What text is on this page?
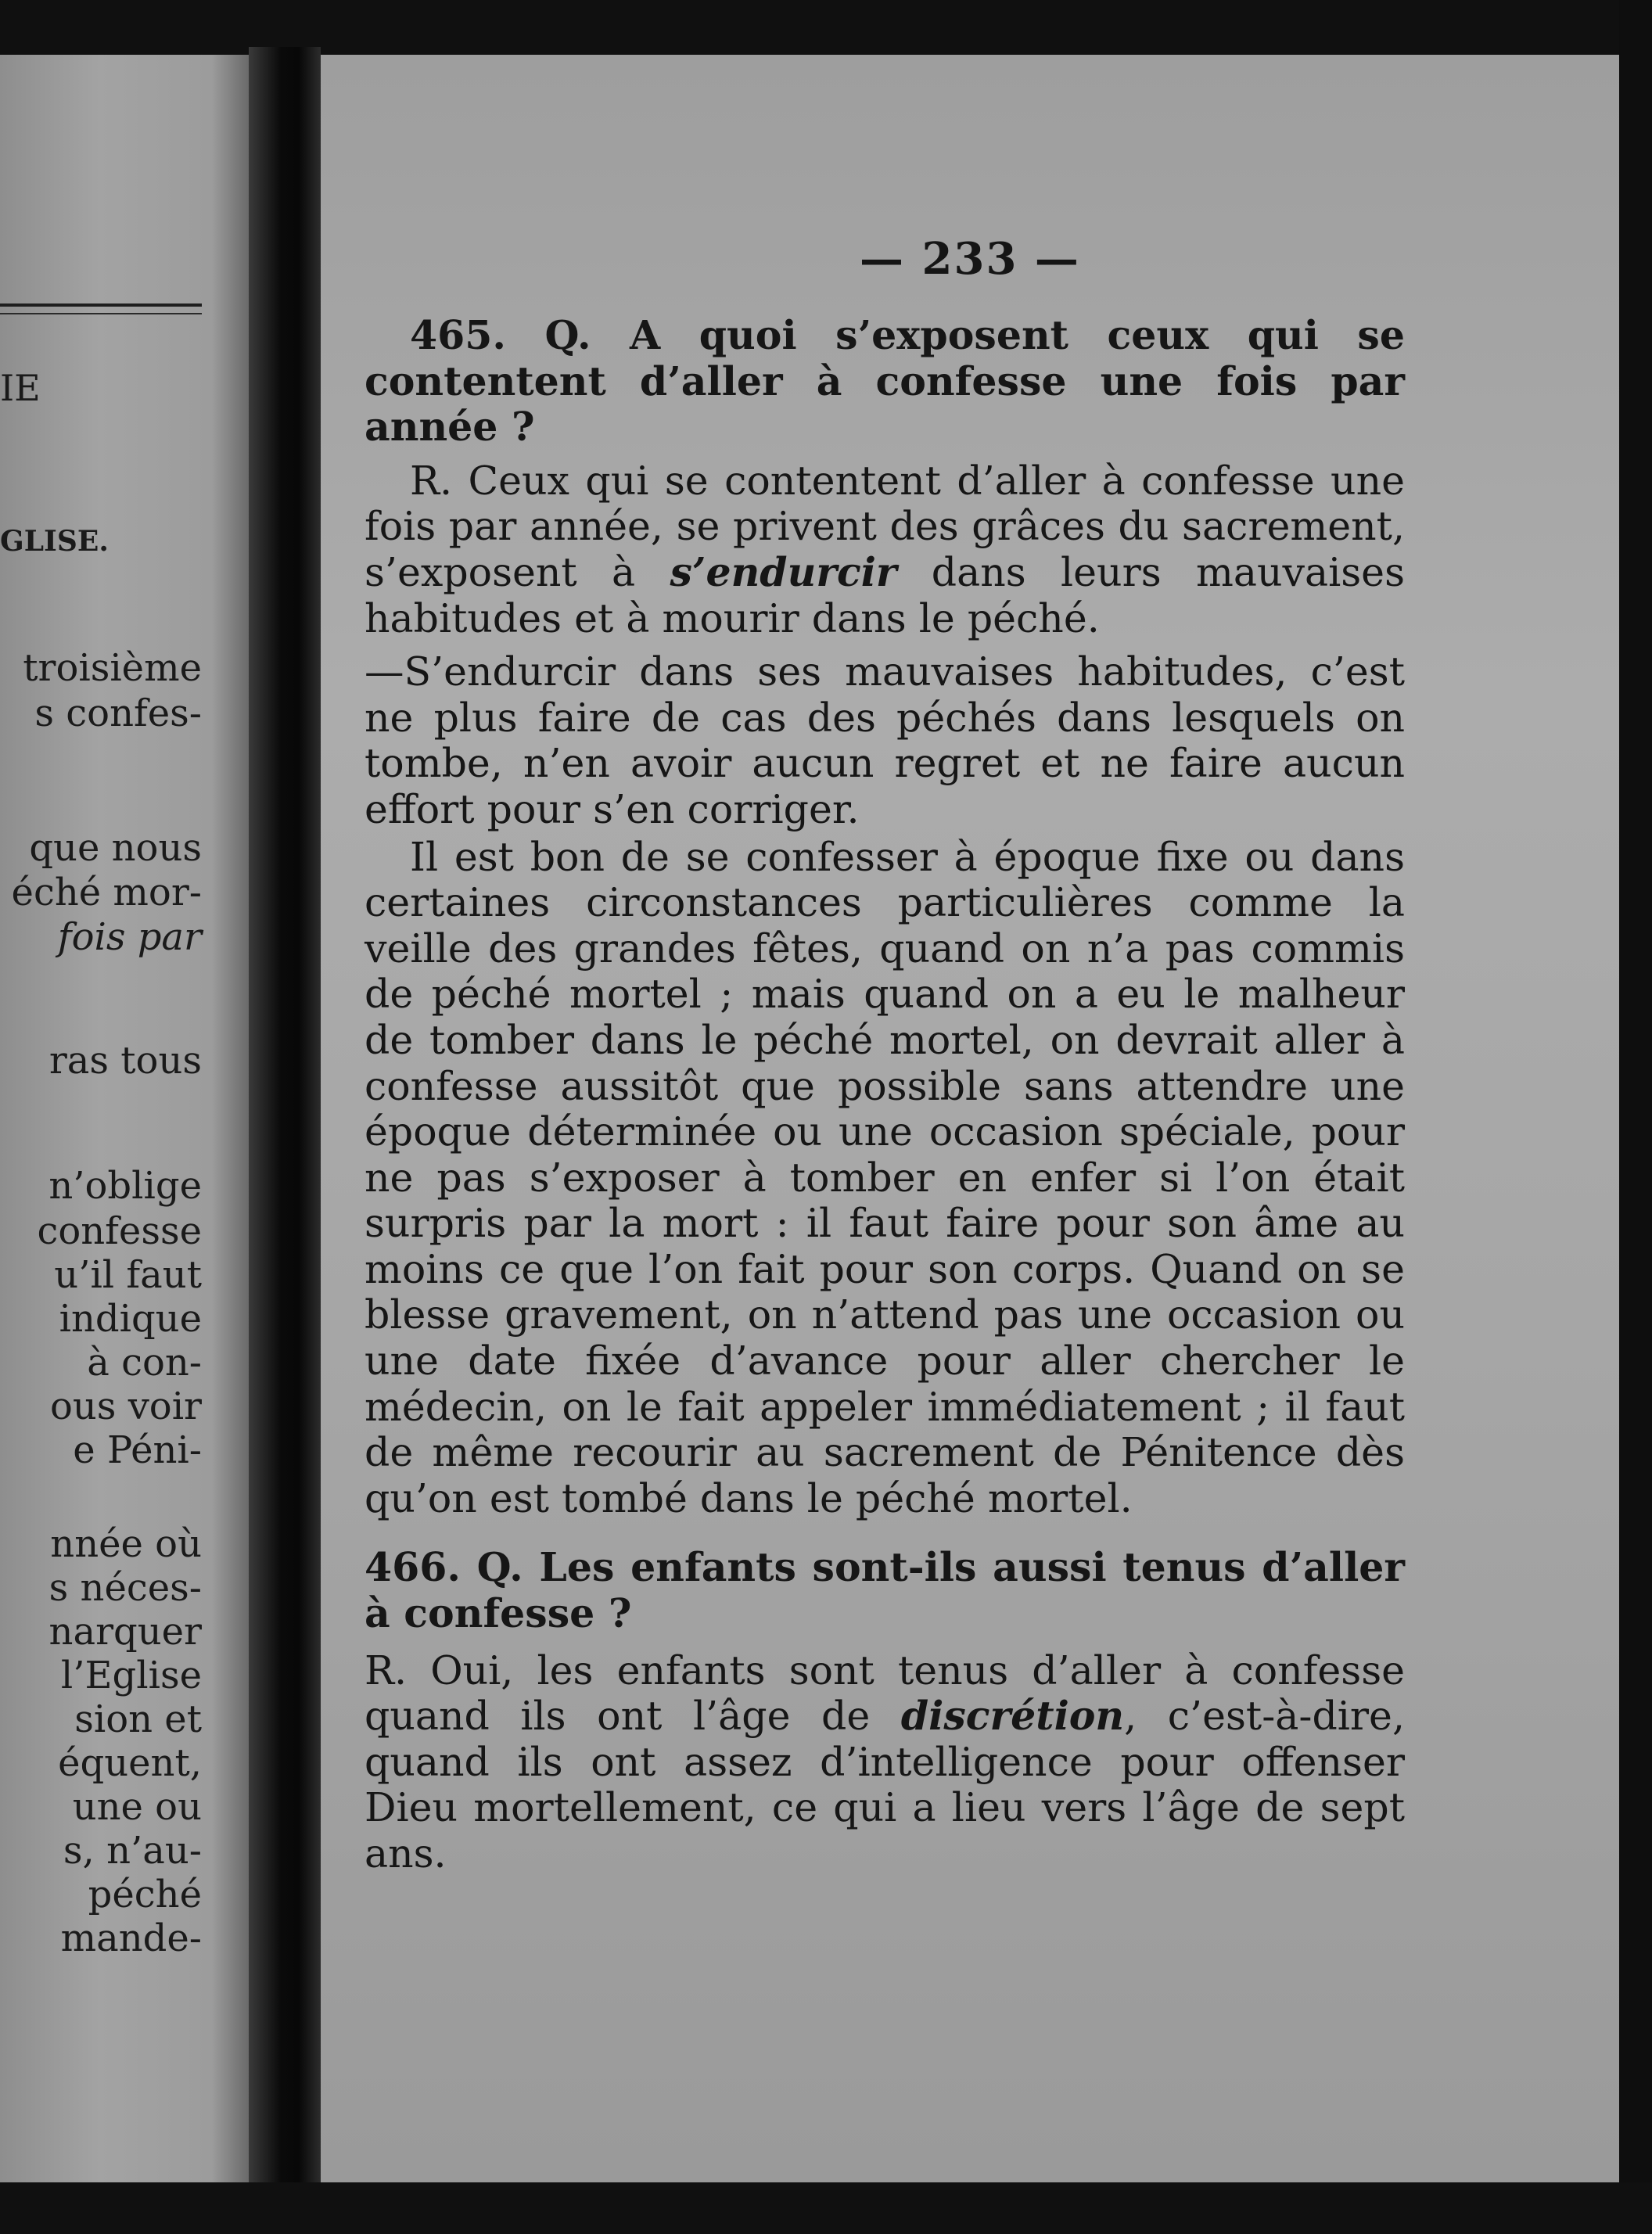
IE
GLISE.
troisième
s confes-
que nous
éché mor-
fois par
ras tous
n’oblige
confesse
u’il faut
indique
à con-
ous voir
e Péni-
nnée où
s néces-
narquer
l’Eglise
sion et
équent,
une ou
s, n’au-
péché
mande-
— 233 —

465. Q. A quoi s’exposent ceux qui se contentent d’aller à confesse une fois par année ?

R. Ceux qui se contentent d’aller à confesse une fois par année, se privent des grâces du sacrement, s’exposent à s’endurcir dans leurs mauvaises habitudes et à mourir dans le péché.

—S’endurcir dans ses mauvaises habitudes, c’est ne plus faire de cas des péchés dans lesquels on tombe, n’en avoir aucun regret et ne faire aucun effort pour s’en corriger.

Il est bon de se confesser à époque fixe ou dans certaines circonstances particulières comme la veille des grandes fêtes, quand on n’a pas commis de péché mortel ; mais quand on a eu le malheur de tomber dans le péché mortel, on devrait aller à confesse aussitôt que possible sans attendre une époque déterminée ou une occasion spéciale, pour ne pas s’exposer à tomber en enfer si l’on était surpris par la mort : il faut faire pour son âme au moins ce que l’on fait pour son corps. Quand on se blesse gravement, on n’attend pas une occasion ou une date fixée d’avance pour aller chercher le médecin, on le fait appeler immédiatement ; il faut de même recourir au sacrement de Pénitence dès qu’on est tombé dans le péché mortel.

466. Q. Les enfants sont-ils aussi tenus d’aller à confesse ?

R. Oui, les enfants sont tenus d’aller à confesse quand ils ont l’âge de discrétion, c’est-à-dire, quand ils ont assez d’intelligence pour offenser Dieu mortellement, ce qui a lieu vers l’âge de sept ans.
